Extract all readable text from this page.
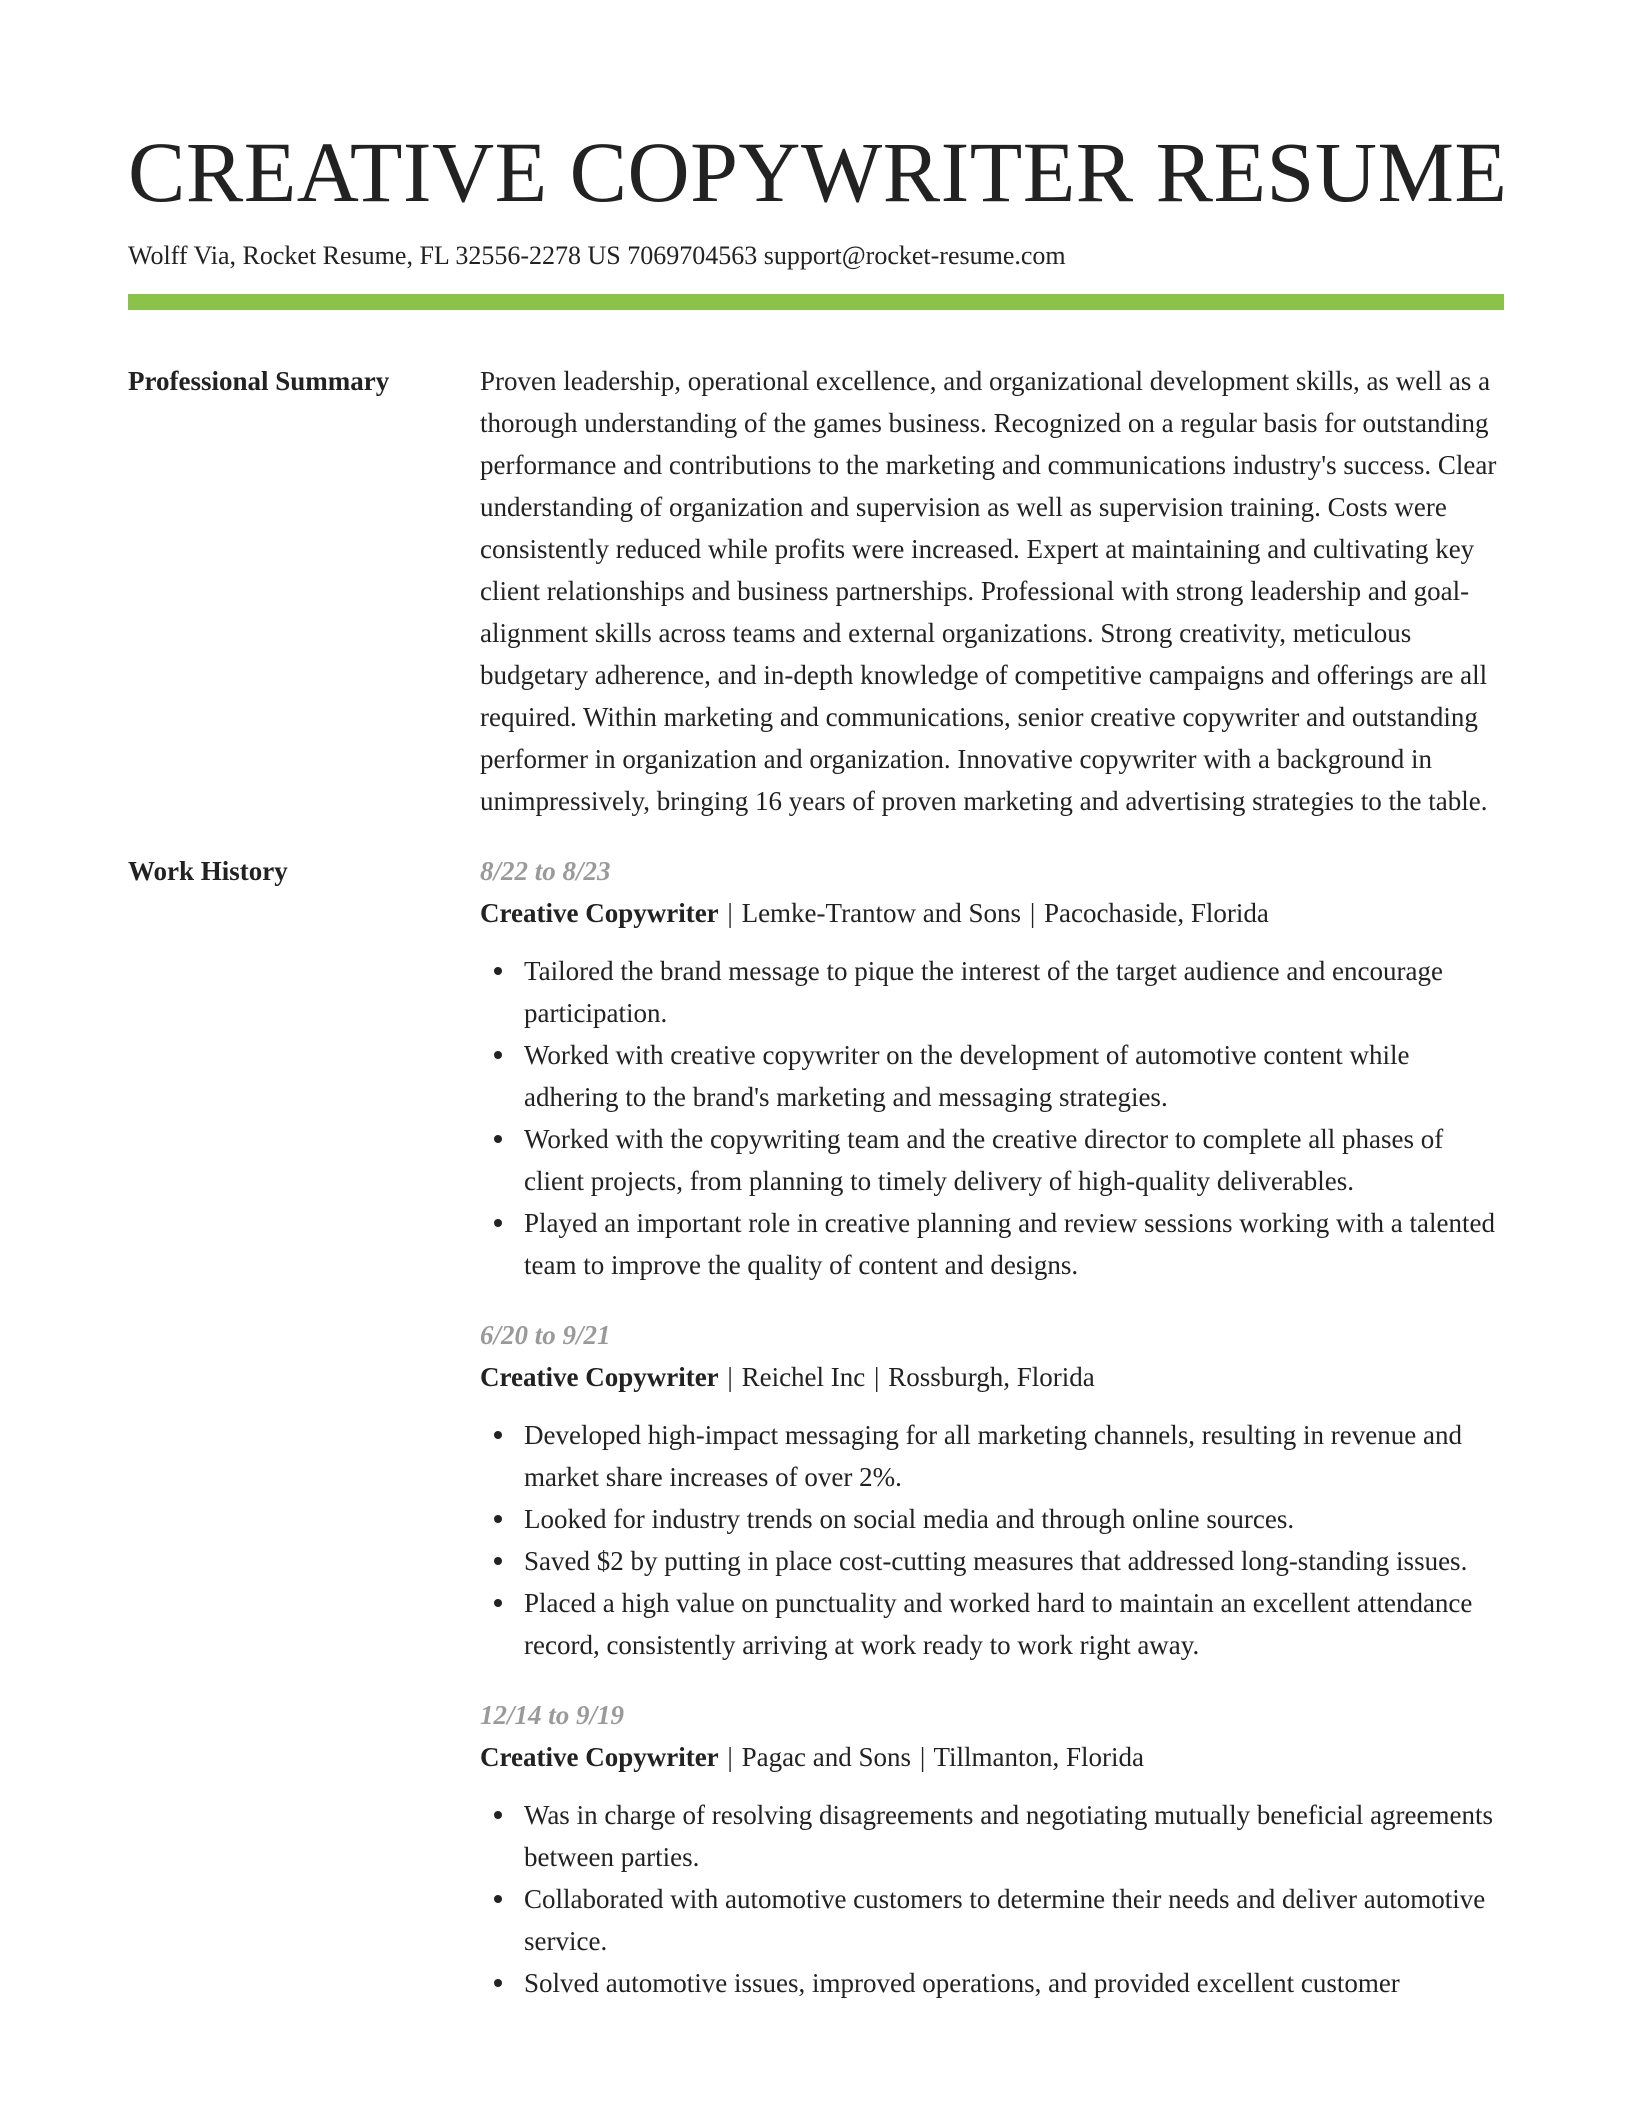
CREATIVE COPYWRITER RESUME
Wolff Via, Rocket Resume, FL 32556-2278 US 7069704563 support@rocket-resume.com
Professional Summary	Proven leadership, operational excellence, and organizational development skills, as well as a thorough understanding of the games business. Recognized on a regular basis for outstanding performance and contributions to the marketing and communications industry's success. Clear understanding of organization and supervision as well as supervision training. Costs were consistently reduced while profits were increased. Expert at maintaining and cultivating key client relationships and business partnerships. Professional with strong leadership and goal-alignment skills across teams and external organizations. Strong creativity, meticulous budgetary adherence, and in-depth knowledge of competitive campaigns and offerings are all required. Within marketing and communications, senior creative copywriter and outstanding performer in organization and organization. Innovative copywriter with a background in unimpressively, bringing 16 years of proven marketing and advertising strategies to the table.

Work History	8/22 to 8/23
Creative Copywriter | Lemke-Trantow and Sons | Pacochaside, Florida
Tailored the brand message to pique the interest of the target audience and encourage participation.
Worked with creative copywriter on the development of automotive content while adhering to the brand's marketing and messaging strategies.
Worked with the copywriting team and the creative director to complete all phases of client projects, from planning to timely delivery of high-quality deliverables.
Played an important role in creative planning and review sessions working with a talented team to improve the quality of content and designs.
6/20 to 9/21
Creative Copywriter | Reichel Inc | Rossburgh, Florida
Developed high-impact messaging for all marketing channels, resulting in revenue and market share increases of over 2%.
Looked for industry trends on social media and through online sources.
Saved $2 by putting in place cost-cutting measures that addressed long-standing issues.
Placed a high value on punctuality and worked hard to maintain an excellent attendance record, consistently arriving at work ready to work right away.
12/14 to 9/19
Creative Copywriter | Pagac and Sons | Tillmanton, Florida
Was in charge of resolving disagreements and negotiating mutually beneficial agreements between parties.
Collaborated with automotive customers to determine their needs and deliver automotive service.
Solved automotive issues, improved operations, and provided excellent customer
